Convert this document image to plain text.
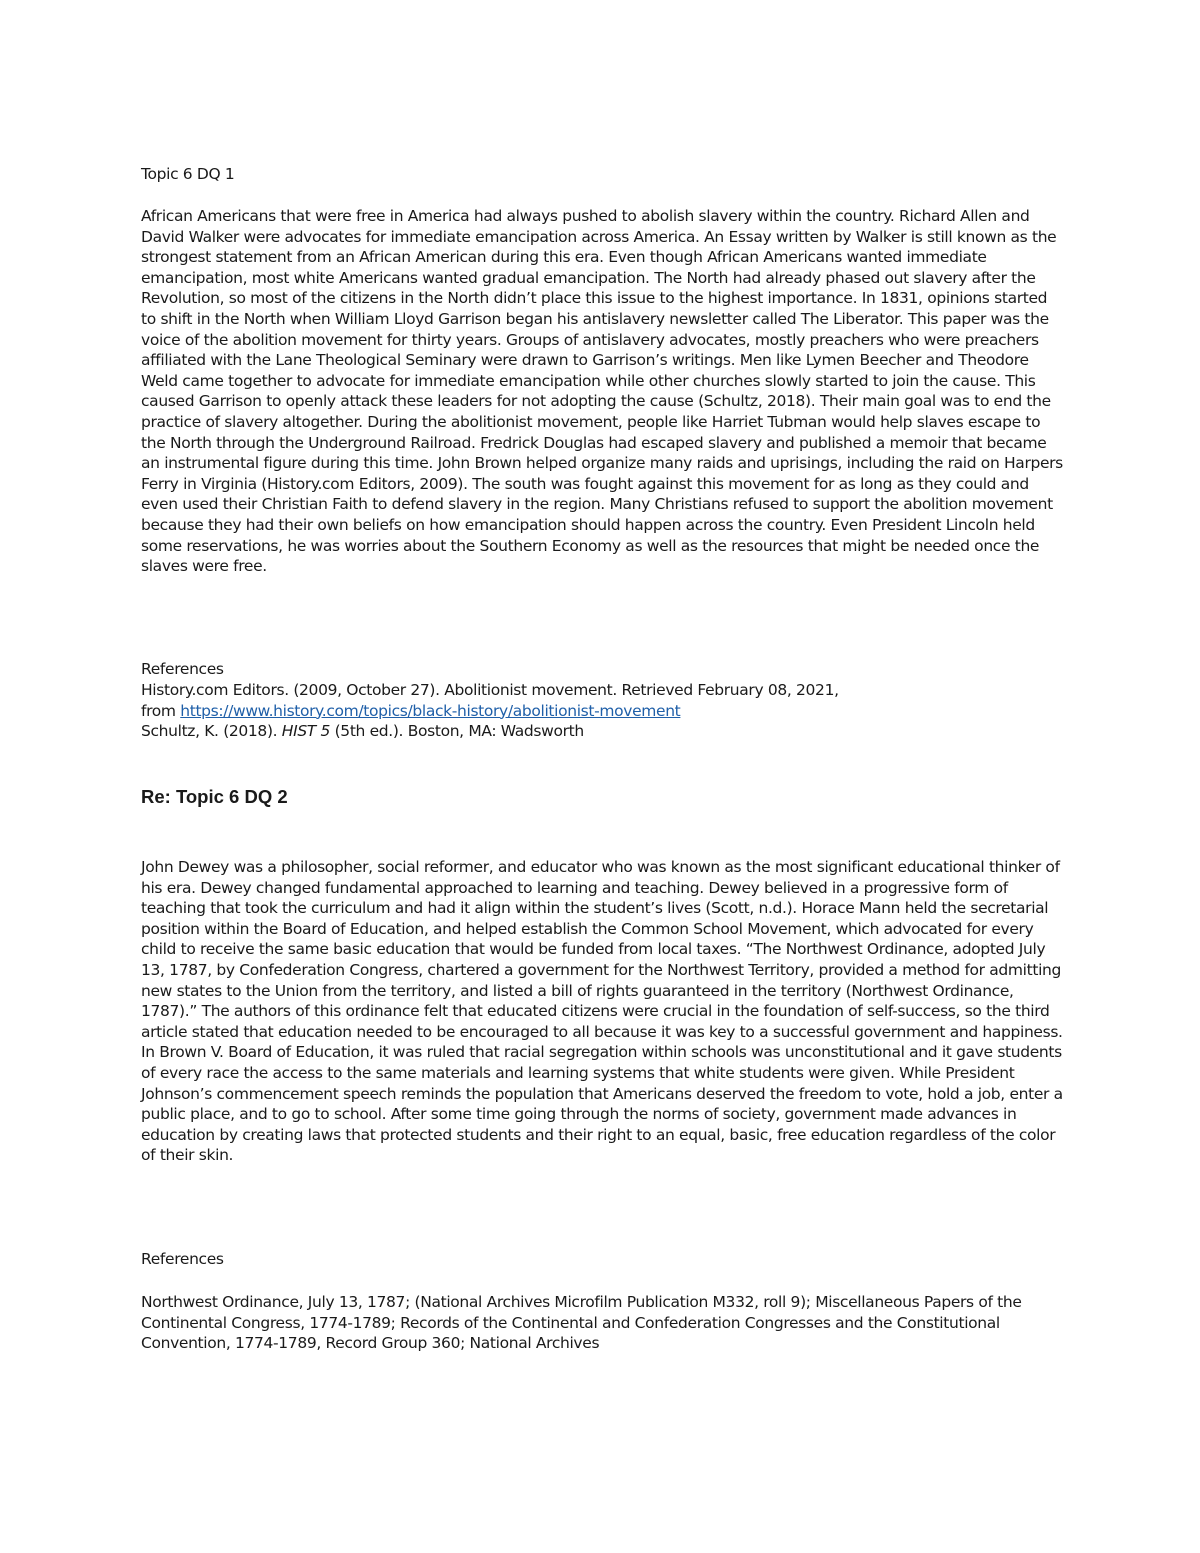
Topic 6 DQ 1

African Americans that were free in America had always pushed to abolish slavery within the country. Richard Allen and David Walker were advocates for immediate emancipation across America. An Essay written by Walker is still known as the strongest statement from an African American during this era. Even though African Americans wanted immediate emancipation, most white Americans wanted gradual emancipation. The North had already phased out slavery after the Revolution, so most of the citizens in the North didn’t place this issue to the highest importance. In 1831, opinions started to shift in the North when William Lloyd Garrison began his antislavery newsletter called The Liberator. This paper was the voice of the abolition movement for thirty years. Groups of antislavery advocates, mostly preachers who were preachers affiliated with the Lane Theological Seminary were drawn to Garrison’s writings. Men like Lymen Beecher and Theodore Weld came together to advocate for immediate emancipation while other churches slowly started to join the cause. This caused Garrison to openly attack these leaders for not adopting the cause (Schultz, 2018). Their main goal was to end the practice of slavery altogether. During the abolitionist movement, people like Harriet Tubman would help slaves escape to the North through the Underground Railroad. Fredrick Douglas had escaped slavery and published a memoir that became an instrumental figure during this time. John Brown helped organize many raids and uprisings, including the raid on Harpers Ferry in Virginia (History.com Editors, 2009). The south was fought against this movement for as long as they could and even used their Christian Faith to defend slavery in the region. Many Christians refused to support the abolition movement because they had their own beliefs on how emancipation should happen across the country. Even President Lincoln held some reservations, he was worries about the Southern Economy as well as the resources that might be needed once the slaves were free.

References

History.com Editors. (2009, October 27). Abolitionist movement. Retrieved February 08, 2021,
from https://www.history.com/topics/black-history/abolitionist-movement

Schultz, K. (2018). HIST 5 (5th ed.). Boston, MA: Wadsworth

Re: Topic 6 DQ 2

John Dewey was a philosopher, social reformer, and educator who was known as the most significant educational thinker of his era. Dewey changed fundamental approached to learning and teaching. Dewey believed in a progressive form of teaching that took the curriculum and had it align within the student’s lives (Scott, n.d.). Horace Mann held the secretarial position within the Board of Education, and helped establish the Common School Movement, which advocated for every child to receive the same basic education that would be funded from local taxes. “The Northwest Ordinance, adopted July 13, 1787, by Confederation Congress, chartered a government for the Northwest Territory, provided a method for admitting new states to the Union from the territory, and listed a bill of rights guaranteed in the territory (Northwest Ordinance, 1787).” The authors of this ordinance felt that educated citizens were crucial in the foundation of self-success, so the third article stated that education needed to be encouraged to all because it was key to a successful government and happiness. In Brown V. Board of Education, it was ruled that racial segregation within schools was unconstitutional and it gave students of every race the access to the same materials and learning systems that white students were given. While President Johnson’s commencement speech reminds the population that Americans deserved the freedom to vote, hold a job, enter a public place, and to go to school. After some time going through the norms of society, government made advances in education by creating laws that protected students and their right to an equal, basic, free education regardless of the color of their skin.

References

Northwest Ordinance, July 13, 1787; (National Archives Microfilm Publication M332, roll 9); Miscellaneous Papers of the Continental Congress, 1774-1789; Records of the Continental and Confederation Congresses and the Constitutional Convention, 1774-1789, Record Group 360; National Archives
